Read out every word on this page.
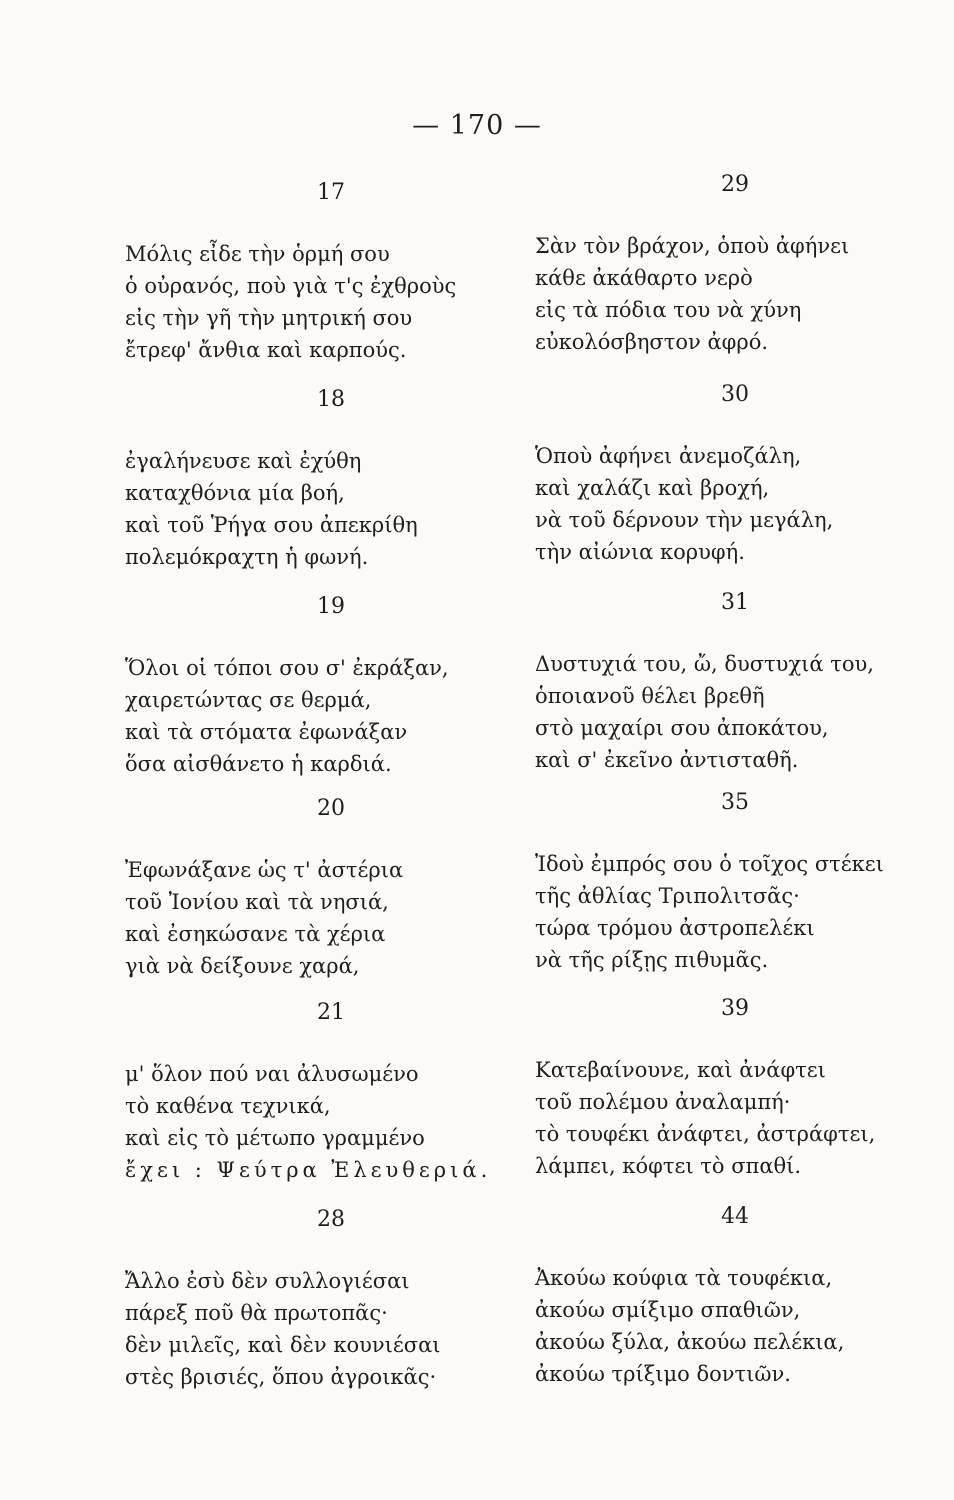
— 170 —
17
Μόλις εἶδε τὴν ὁρμή σου
ὁ οὐρανός, ποὺ γιὰ τ'ς ἐχθροὺς
εἰς τὴν γῆ τὴν μητρική σου
ἔτρεφ' ἄνθια καὶ καρπούς.
18
ἐγαλήνευσε καὶ ἐχύθη
καταχθόνια μία βοή,
καὶ τοῦ Ῥήγα σου ἀπεκρίθη
πολεμόκραχτη ἡ φωνή.
19
Ὅλοι οἱ τόποι σου σ' ἐκράξαν,
χαιρετώντας σε θερμά,
καὶ τὰ στόματα ἐφωνάξαν
ὅσα αἰσθάνετο ἡ καρδιά.
20
Ἐφωνάξανε ὡς τ' ἀστέρια
τοῦ Ἰονίου καὶ τὰ νησιά,
καὶ ἐσηκώσανε τὰ χέρια
γιὰ νὰ δείξουνε χαρά,
21
μ' ὅλον πού ναι ἀλυσωμένο
τὸ καθένα τεχνικά,
καὶ εἰς τὸ μέτωπο γραμμένο
ἔχει : Ψεύτρα Ἐλευθεριά.
28
Ἄλλο ἐσὺ δὲν συλλογιέσαι
πάρεξ ποῦ θὰ πρωτοπᾶς·
δὲν μιλεῖς, καὶ δὲν κουνιέσαι
στὲς βρισιές, ὅπου ἀγροικᾶς·
29
Σὰν τὸν βράχον, ὁποὺ ἀφήνει
κάθε ἀκάθαρτο νερὸ
εἰς τὰ πόδια του νὰ χύνη
εὐκολόσβηστον ἀφρό.
30
Ὁποὺ ἀφήνει ἀνεμοζάλη,
καὶ χαλάζι καὶ βροχή,
νὰ τοῦ δέρνουν τὴν μεγάλη,
τὴν αἰώνια κορυφή.
31
Δυστυχιά του, ὤ, δυστυχιά του,
ὁποιανοῦ θέλει βρεθῆ
στὸ μαχαίρι σου ἀποκάτου,
καὶ σ' ἐκεῖνο ἀντισταθῆ.
35
Ἰδοὺ ἐμπρός σου ὁ τοῖχος στέκει
τῆς ἀθλίας Τριπολιτσᾶς·
τώρα τρόμου ἀστροπελέκι
νὰ τῆς ρίξῃς πιθυμᾶς.
39
Κατεβαίνουνε, καὶ ἀνάφτει
τοῦ πολέμου ἀναλαμπή·
τὸ τουφέκι ἀνάφτει, ἀστράφτει,
λάμπει, κόφτει τὸ σπαθί.
44
Ἀκούω κούφια τὰ τουφέκια,
ἀκούω σμίξιμο σπαθιῶν,
ἀκούω ξύλα, ἀκούω πελέκια,
ἀκούω τρίξιμο δοντιῶν.
